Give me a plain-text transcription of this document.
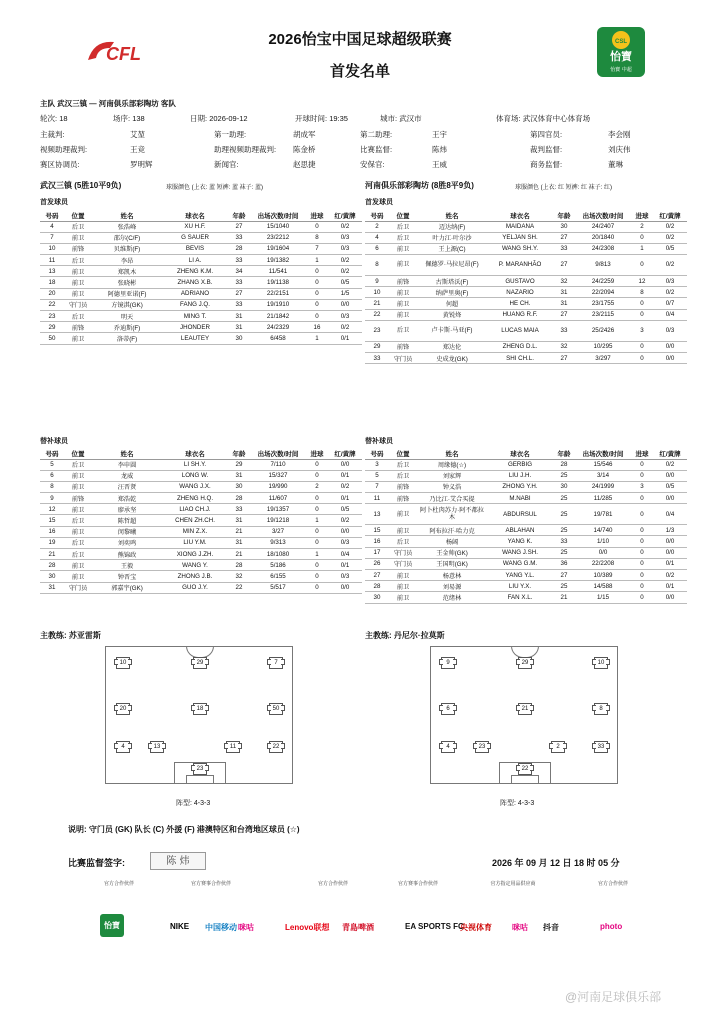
CFL
CSL
怡寶
怡寶 中超
2026怡宝中国足球超级联赛
首发名单
主队 武汉三镇 — 河南俱乐部彩陶坊 客队
轮次: 18	场序: 138	日期: 2026-09-12	开球时间: 19:35	城市: 武汉市	体育场: 武汉体育中心体育场
主裁判:	艾堃	第一助理:	胡成军	第二助理:	王宇	第四官员:	李会刚
视频助理裁判:	王竞	助理视频助理裁判: 陈金桥	比赛监督:	陈炜	裁判监督:	刘庆伟
赛区协调员:	罗明辉	新闻官:	赵思捷	安保官:	王威	商务监督:	董琳
武汉三镇 (5胜10平9负)	球服颜色 (上衣: 蓝 短裤: 蓝 袜子: 蓝)	河南俱乐部彩陶坊 (8胜8平9负)	球服颜色 (上衣: 红 短裤: 红 袜子: 红)
首发球员	首发球员
号码	位置	姓名	球衣名	年龄	出场次数/时间	进球	红/黄牌
4	后卫	张浩峰	XU H.F.	27	15/1040	0	0/2
7	前卫	邵尔(C/F)	G SAUER	33	23/2212	8	0/3
10	前锋	贝维斯(F)	BEVIS	28	19/1604	7	0/3
11	后卫	李昂	LI A.	33	19/1382	1	0/2
13	前卫	郑凯木	ZHENG K.M.	34	11/541	0	0/2
18	前卫	张晓彬	ZHANG X.B.	33	19/1138	0	0/5
20	前卫	阿德里亚诺(F)	ADRIANO	27	22/2151	0	1/5
22	守门员	方镜淇(GK)	FANG J.Q.	33	19/1910	0	0/0
23	后卫	明天	MING T.	31	21/1842	0	0/3
29	前锋	乔迪斯(F)	JHONDER	31	24/2329	16	0/2
50	前卫	洛蒂(F)	LEAUTEY	30	6/458	1	0/1
号码	位置	姓名	球衣名	年龄	出场次数/时间	进球	红/黄牌
2	后卫	迈达纳(F)	MAIDANA	30	24/2407	2	0/2
4	后卫	叶力江·叶尔沙	YELJAN SH.	27	20/1840	0	0/2
6	前卫	王上源(C)	WANG SH.Y.	33	24/2308	1	0/5
8	前卫	佩德罗·马拉尼昂(F)	P. MARANHÃO	27	9/813	0	0/2
9	前锋	古斯塔沃(F)	GUSTAVO	32	24/2259	12	0/3
10	前卫	纳萨里奥(F)	NAZARIO	31	22/2094	8	0/2
21	前卫	何超	HE CH.	31	23/1755	0	0/7
22	前卫	黄锐烽	HUANG R.F.	27	23/2115	0	0/4
23	后卫	卢卡斯·马亚(F)	LUCAS MAIA	33	25/2426	3	0/3
29	前锋	郑达伦	ZHENG D.L.	32	10/295	0	0/0
33	守门员	史成龙(GK)	SHI CH.L.	27	3/297	0	0/0
替补球员	替补球员
号码	位置	姓名	球衣名	年龄	出场次数/时间	进球	红/黄牌
5	后卫	李申圆	LI SH.Y.	29	7/110	0	0/0
6	前卫	龙威	LONG W.	31	15/327	0	0/1
8	前卫	汪晋贤	WANG J.X.	30	19/990	2	0/2
9	前锋	郑浩乾	ZHENG H.Q.	28	11/607	0	0/1
12	前卫	廖承坚	LIAO CH.J.	33	19/1357	0	0/5
15	后卫	陈哲超	CHEN ZH.CH.	31	19/1218	1	0/2
16	前卫	闵黎曦	MIN Z.X.	21	3/27	0	0/0
19	后卫	刘奕鸣	LIU Y.M.	31	9/313	0	0/3
21	后卫	熊锦政	XIONG J.ZH.	21	18/1080	1	0/4
28	前卫	王毅	WANG Y.	28	5/186	0	0/1
30	前卫	钟晋宝	ZHONG J.B.	32	6/155	0	0/3
31	守门员	郭嘉宇(GK)	GUO J.Y.	22	5/517	0	0/0
号码	位置	姓名	球衣名	年龄	出场次数/时间	进球	红/黄牌
3	后卫	周缘德(☆)	GERBIG	28	15/546	0	0/2
5	后卫	刘家辉	LIU J.H.	25	3/14	0	0/0
7	前锋	钟义浩	ZHONG Y.H.	30	24/1999	3	0/5
11	前锋	乃比江·艾合买提	M.NABI	25	11/285	0	0/0
13	前卫	阿卜杜肉苏力·阿不都拉木	ABDURSUL	25	19/781	0	0/4
15	前卫	阿布拉汗·哈力克	ABLAHAN	25	14/740	0	1/3
16	后卫	杨阔	YANG K.	33	1/10	0	0/0
17	守门员	王金帅(GK)	WANG J.SH.	25	0/0	0	0/0
26	守门员	王国明(GK)	WANG G.M.	36	22/2208	0	0/1
27	前卫	杨意林	YANG Y.L.	27	10/389	0	0/2
28	前卫	刘易源	LIU Y.X.	25	14/588	0	0/1
30	前卫	范绪林	FAN X.L.	21	1/15	0	0/0
主教练: 苏亚雷斯	主教练: 丹尼尔·拉莫斯
10	29	7
20	18	50
4	13
23
11	22
9	29	10
6	21	8
4	23
22
2	33
阵型: 4-3-3	阵型: 4-3-3
说明: 守门员 (GK) 队长 (C) 外援 (F) 港澳特区和台湾地区球员 (☆)
比赛监督签字:	陈 炜	2026 年 09 月 12 日 18 时 05 分
官方合作伙伴	官方赛事合作伙伴	官方合作伙伴	官方赛事合作伙伴	官方指定用品供应商	官方合作伙伴
怡寶	NIKE 中国移动 咪咕	Lenovo联想 青島啤酒	EA SPORTS FC
央视体育	咪咕 抖音	photo
@河南足球俱乐部
